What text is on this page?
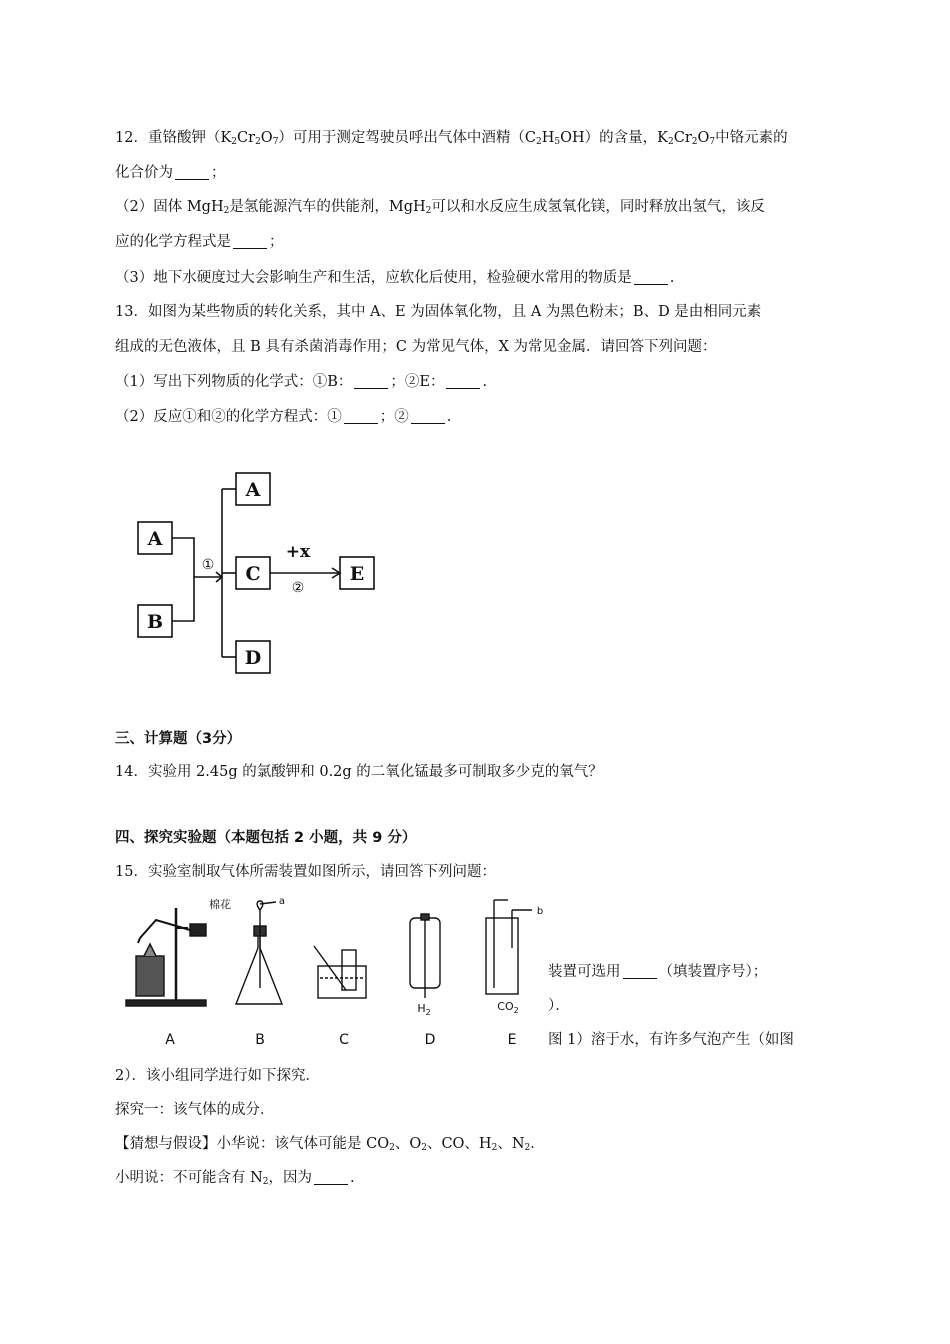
12．重铬酸钾$(K_2Cr_2O_7)$可用于测定驾驶员呼出气体中酒精$(C_2H_5OH)$的含量，$K_2Cr_2O_7$中铬元素的
化合价为	；
（2）固体 MgH$_2$是氢能源汽车的供能剂，MgH$_2$可以和水反应生成氢氧化镁，同时释放出氢气，该反
应的化学方程式是	；
（3）地下水硬度过大会影响生产和生活，应软化后使用，检验硬水常用的物质是	.
13．如图为某些物质的转化关系，其中 A、E 为固体氧化物，且 A 为黑色粉末；B、D 是由相同元素
组成的无色液体，且 B 具有杀菌消毒作用；C 为常见气体，X 为常见金属．请回答下列问题：
（1）写出下列物质的化学式：①B：	；②E：	.
（2）反应①和②的化学方程式：①	；②	.
A
B
A
C
D
E
+x
①
②
三、计算题（3分）
14．实验用 2.45g 的氯酸钾和 0.2g 的二氧化锰最多可制取多少克的氧气？
四、探究实验题（本题包括 2 小题，共 9 分）
15．实验室制取气体所需装置如图所示，请回答下列问题：
A	B	C	D	E
棉花	a
b
$H_2$	$CO_2$
装置可选用	（填装置序号）；
）．
图 1）溶于水，有许多气泡产生（如图
2）．该小组同学进行如下探究．
探究一：该气体的成分．
【猜想与假设】小华说：该气体可能是 $CO_2$、$O_2$、CO、$H_2$、$N_2$．
小明说：不可能含有 $N_2$，因为	.
